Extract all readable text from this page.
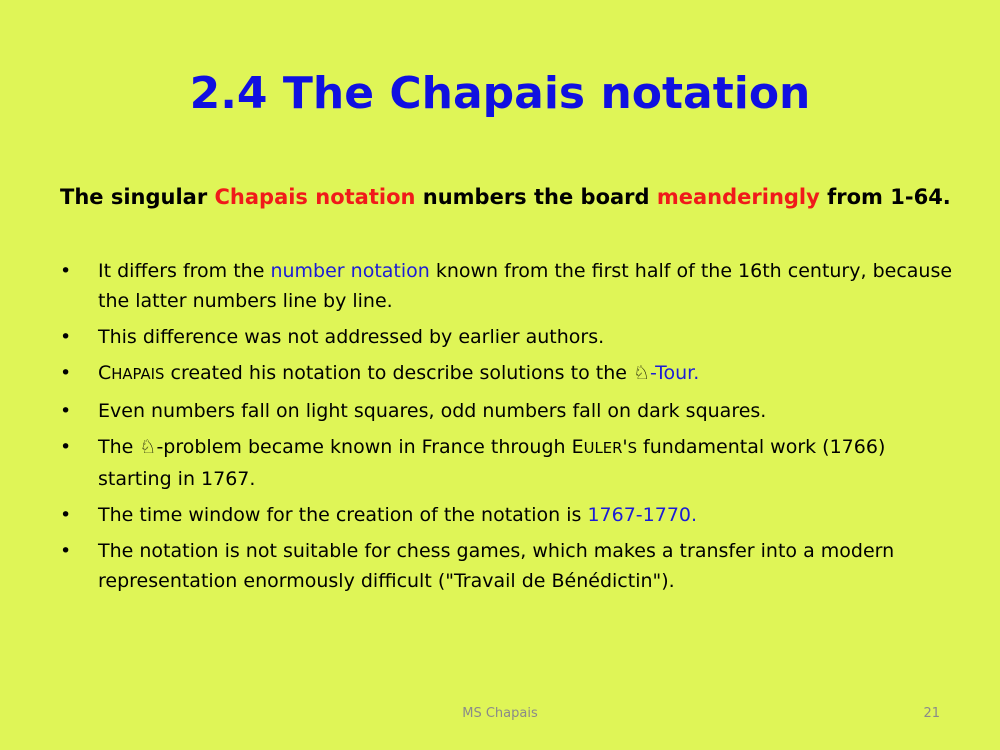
2.4 The Chapais notation

The singular Chapais notation numbers the board meanderingly from 1-64.

• It differs from the number notation known from the first half of the 16th century, because the latter numbers line by line.
• This difference was not addressed by earlier authors.
• CHAPAIS created his notation to describe solutions to the ♘-Tour.
• Even numbers fall on light squares, odd numbers fall on dark squares.
• The ♘-problem became known in France through EULER'S fundamental work (1766) starting in 1767.
• The time window for the creation of the notation is 1767-1770.
• The notation is not suitable for chess games, which makes a transfer into a modern representation enormously difficult ("Travail de Bénédictin").
MS Chapais	21
